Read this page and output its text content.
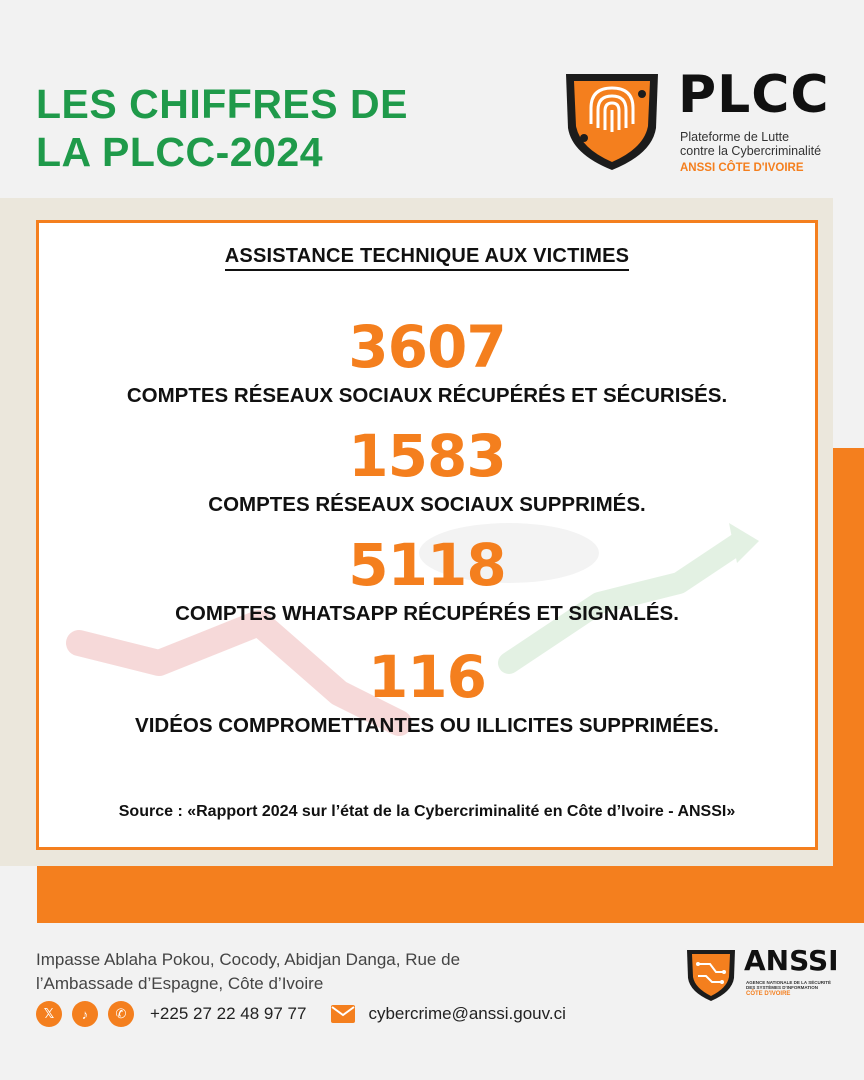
LES CHIFFRES DE
LA PLCC-2024
PLCC
Plateforme de Lutte
contre la Cybercriminalité
ANSSI CÔTE D'IVOIRE
ASSISTANCE TECHNIQUE AUX VICTIMES
3607
COMPTES RÉSEAUX SOCIAUX RÉCUPÉRÉS ET SÉCURISÉS.
1583
COMPTES RÉSEAUX SOCIAUX SUPPRIMÉS.
5118
COMPTES WHATSAPP RÉCUPÉRÉS ET SIGNALÉS.
116
VIDÉOS COMPROMETTANTES OU ILLICITES SUPPRIMÉES.
Source : «Rapport 2024 sur l’état de la Cybercriminalité en Côte d’Ivoire - ANSSI»
Impasse Ablaha Pokou, Cocody, Abidjan Danga, Rue de
l’Ambassade d’Espagne, Côte d’Ivoire
𝕏	♪	✆	+225 27 22 48 97 77	cybercrime@anssi.gouv.ci
ANSSI
AGENCE NATIONALE DE LA SÉCURITÉ
DES SYSTÈMES D'INFORMATION
CÔTE D'IVOIRE
